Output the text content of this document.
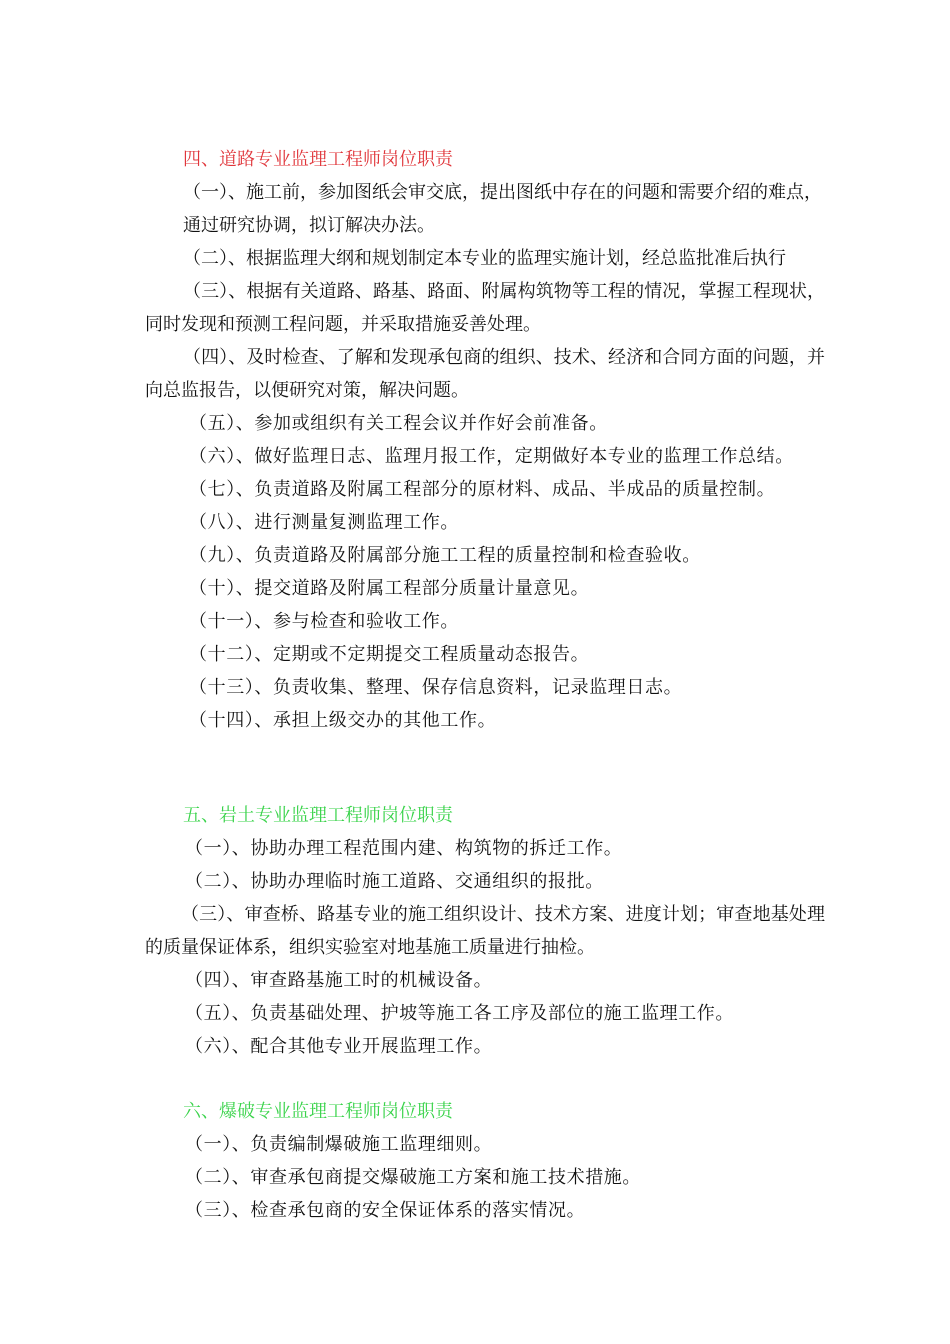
四、道路专业监理工程师岗位职责

（一）、施工前，参加图纸会审交底，提出图纸中存在的问题和需要介绍的难点，

通过研究协调，拟订解决办法。

（二）、根据监理大纲和规划制定本专业的监理实施计划，经总监批准后执行

（三）、根据有关道路、路基、路面、附属构筑物等工程的情况，掌握工程现状，同时发现和预测工程问题，并采取措施妥善处理。

（四）、及时检查、了解和发现承包商的组织、技术、经济和合同方面的问题，并向总监报告，以便研究对策，解决问题。

（五）、参加或组织有关工程会议并作好会前准备。

（六）、做好监理日志、监理月报工作，定期做好本专业的监理工作总结。

（七）、负责道路及附属工程部分的原材料、成品、半成品的质量控制。

（八）、进行测量复测监理工作。

（九）、负责道路及附属部分施工工程的质量控制和检查验收。

（十）、提交道路及附属工程部分质量计量意见。

（十一）、参与检查和验收工作。

（十二）、定期或不定期提交工程质量动态报告。

（十三）、负责收集、整理、保存信息资料，记录监理日志。

（十四）、承担上级交办的其他工作。

五、岩土专业监理工程师岗位职责

（一）、协助办理工程范围内建、构筑物的拆迁工作。

（二）、协助办理临时施工道路、交通组织的报批。

（三）、审查桥、路基专业的施工组织设计、技术方案、进度计划；审查地基处理的质量保证体系，组织实验室对地基施工质量进行抽检。

（四）、审查路基施工时的机械设备。

（五）、负责基础处理、护坡等施工各工序及部位的施工监理工作。

（六）、配合其他专业开展监理工作。

六、爆破专业监理工程师岗位职责

（一）、负责编制爆破施工监理细则。

（二）、审查承包商提交爆破施工方案和施工技术措施。

（三）、检查承包商的安全保证体系的落实情况。
